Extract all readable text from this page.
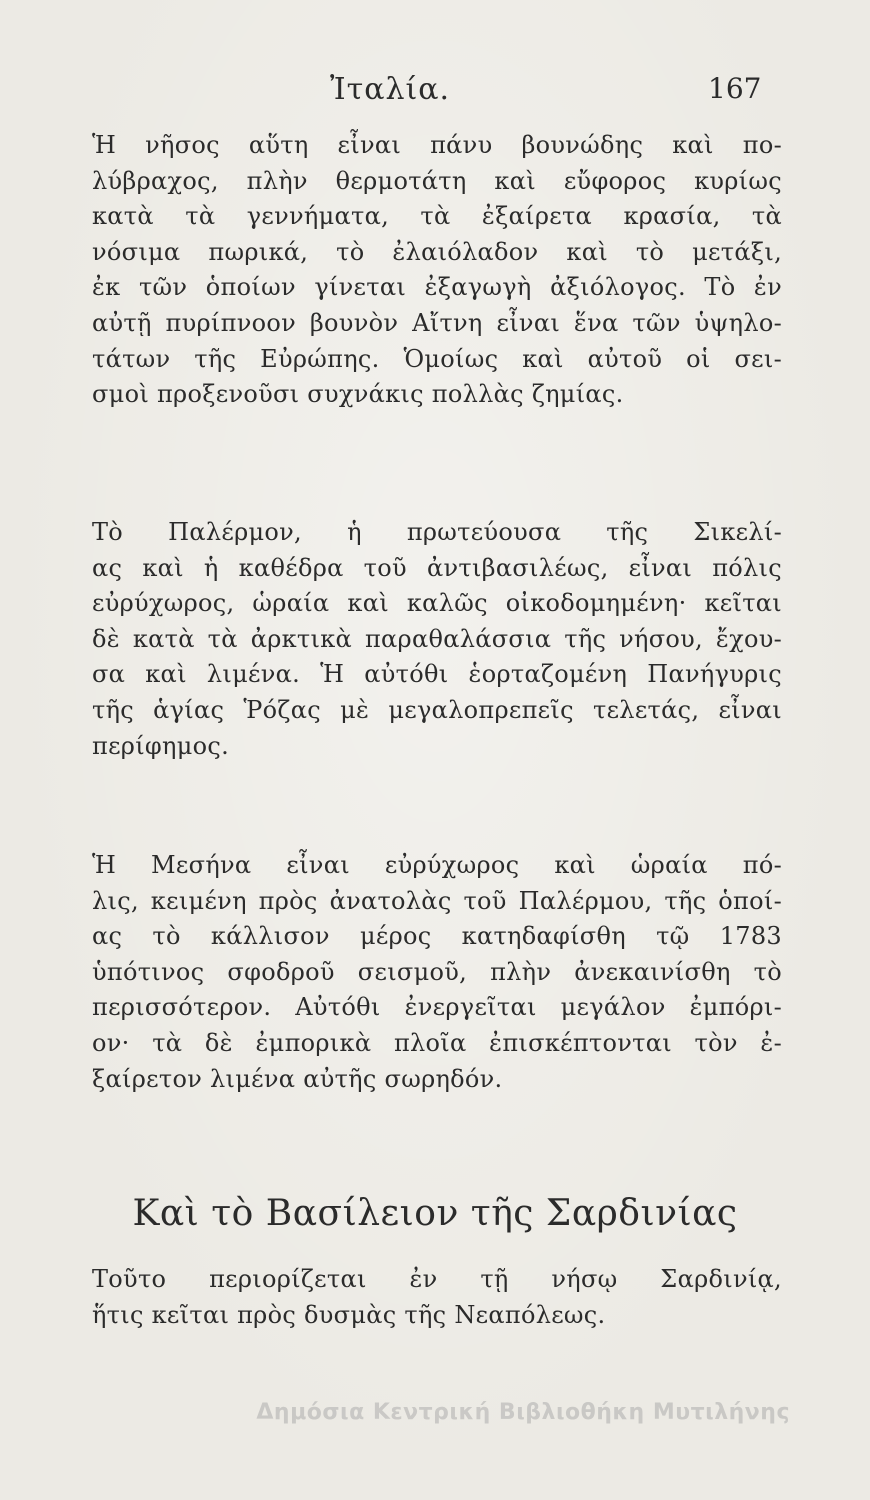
Ἰταλία.	167

Ἡ νῆσος αὕτη εἶναι πάνυ βουνώδης καὶ πο-
λύβραχος, πλὴν θερμοτάτη καὶ εὔφορος κυρίως
κατὰ τὰ γεννήματα, τὰ ἐξαίρετα κρασία, τὰ
νόσιμα πωρικά, τὸ ἐλαιόλαδον καὶ τὸ μετάξι,
ἐκ τῶν ὁποίων γίνεται ἐξαγωγὴ ἀξιόλογος. Τὸ ἐν
αὐτῇ πυρίπνοον βουνὸν Αἴτνη εἶναι ἕνα τῶν ὑψηλο-
τάτων τῆς Εὐρώπης. Ὁμοίως καὶ αὐτοῦ οἱ σει-
σμοὶ προξενοῦσι συχνάκις πολλὰς ζημίας.

Τὸ Παλέρμον, ἡ πρωτεύουσα τῆς Σικελί-
ας καὶ ἡ καθέδρα τοῦ ἀντιβασιλέως, εἶναι πόλις
εὐρύχωρος, ὡραία καὶ καλῶς οἰκοδομημένη· κεῖται
δὲ κατὰ τὰ ἀρκτικὰ παραθαλάσσια τῆς νήσου, ἔχου-
σα καὶ λιμένα. Ἡ αὐτόθι ἑορταζομένη Πανήγυρις
τῆς ἁγίας Ῥόζας μὲ μεγαλοπρεπεῖς τελετάς, εἶναι
περίφημος.

Ἡ Μεσήνα εἶναι εὐρύχωρος καὶ ὡραία πό-
λις, κειμένη πρὸς ἀνατολὰς τοῦ Παλέρμου, τῆς ὁποί-
ας τὸ κάλλισον μέρος κατηδαφίσθη τῷ 1783
ὑπότινος σφοδροῦ σεισμοῦ, πλὴν ἀνεκαινίσθη τὸ
περισσότερον. Αὐτόθι ἐνεργεῖται μεγάλον ἐμπόρι-
ον· τὰ δὲ ἐμπορικὰ πλοῖα ἐπισκέπτονται τὸν ἐ-
ξαίρετον λιμένα αὐτῆς σωρηδόν.

Καὶ τὸ Βασίλειον τῆς Σαρδινίας

Τοῦτο περιορίζεται ἐν τῇ νήσῳ Σαρδινίᾳ,
ἥτις κεῖται πρὸς δυσμὰς τῆς Νεαπόλεως.

Δημόσια Κεντρική Βιβλιοθήκη Μυτιλήνης
